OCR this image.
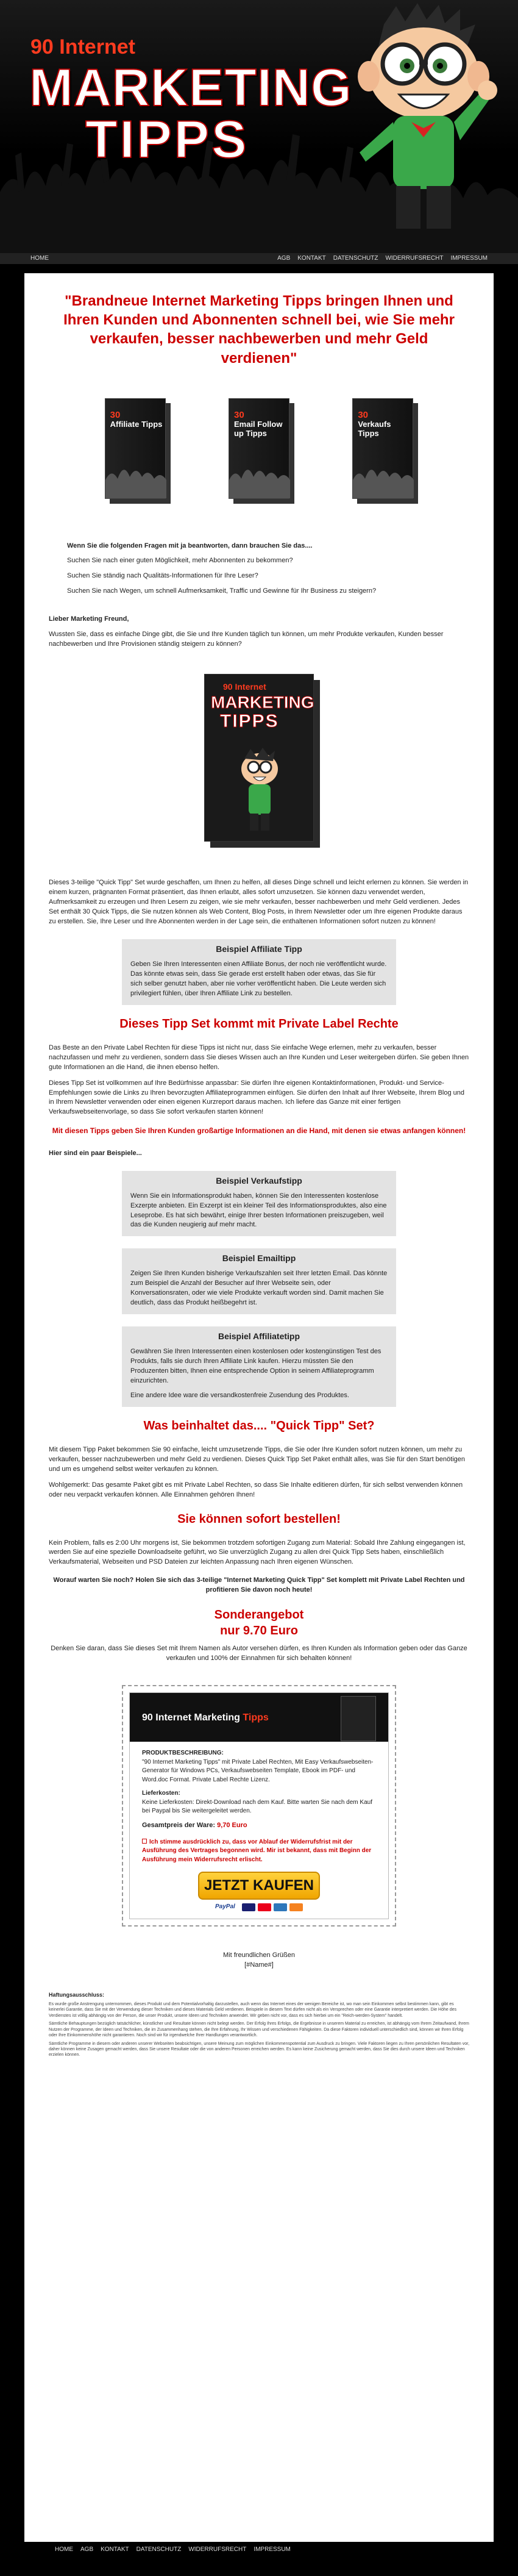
90 Internet
MARKETING
TIPPS
HOME	AGB KONTAKT DATENSCHUTZ WIDERRUFSRECHT IMPRESSUM
"Brandneue Internet Marketing Tipps bringen Ihnen und Ihren Kunden und Abonnenten schnell bei, wie Sie mehr verkaufen, besser nachbewerben und mehr Geld verdienen"
30
Affiliate Tipps
30
Email Follow up Tipps
30
Verkaufs Tipps

Wenn Sie die folgenden Fragen mit ja beantworten, dann brauchen Sie das....

Suchen Sie nach einer guten Möglichkeit, mehr Abonnenten zu bekommen?

Suchen Sie ständig nach Qualitäts-Informationen für Ihre Leser?

Suchen Sie nach Wegen, um schnell Aufmerksamkeit, Traffic und Gewinne für Ihr Business zu steigern?

Lieber Marketing Freund,

Wussten Sie, dass es einfache Dinge gibt, die Sie und Ihre Kunden täglich tun können, um mehr Produkte verkaufen, Kunden besser nachbewerben und Ihre Provisionen ständig steigern zu können?

90 Internet
MARKETING
TIPPS
Tipps

Dieses 3-teilige "Quick Tipp" Set wurde geschaffen, um Ihnen zu helfen, all dieses Dinge schnell und leicht erlernen zu können. Sie werden in einem kurzen, prägnanten Format präsentiert, das Ihnen erlaubt, alles sofort umzusetzen. Sie können dazu verwendet werden, Aufmerksamkeit zu erzeugen und Ihren Lesern zu zeigen, wie sie mehr verkaufen, besser nachbewerben und mehr Geld verdienen. Jedes Set enthält 30 Quick Tipps, die Sie nutzen können als Web Content, Blog Posts, in Ihrem Newsletter oder um Ihre eigenen Produkte daraus zu erstellen. Sie, Ihre Leser und Ihre Abonnenten werden in der Lage sein, die enthaltenen Informationen sofort nutzen zu können!

Beispiel Affiliate Tipp

Geben Sie Ihren Interessenten einen Affiliate Bonus, der noch nie veröffentlicht wurde. Das könnte etwas sein, dass Sie gerade erst erstellt haben oder etwas, das Sie für sich selber genutzt haben, aber nie vorher veröffentlicht haben. Die Leute werden sich privilegiert fühlen, über Ihren Affiliate Link zu bestellen.

Dieses Tipp Set kommt mit Private Label Rechte

Das Beste an den Private Label Rechten für diese Tipps ist nicht nur, dass Sie einfache Wege erlernen, mehr zu verkaufen, besser nachzufassen und mehr zu verdienen, sondern dass Sie dieses Wissen auch an Ihre Kunden und Leser weitergeben dürfen. Sie geben Ihnen gute Informationen an die Hand, die ihnen ebenso helfen.

Dieses Tipp Set ist vollkommen auf Ihre Bedürfnisse anpassbar: Sie dürfen Ihre eigenen Kontaktinformationen, Produkt- und Service-Empfehlungen sowie die Links zu Ihren bevorzugten Affiliateprogrammen einfügen. Sie dürfen den Inhalt auf Ihrer Webseite, Ihrem Blog und in Ihrem Newsletter verwenden oder einen eigenen Kurzreport daraus machen. Ich liefere das Ganze mit einer fertigen Verkaufswebseitenvorlage, so dass Sie sofort verkaufen starten können!

Mit diesen Tipps geben Sie Ihren Kunden großartige Informationen an die Hand, mit denen sie etwas anfangen können!

Hier sind ein paar Beispiele...

Beispiel Verkaufstipp

Wenn Sie ein Informationsprodukt haben, können Sie den Interessenten kostenlose Exzerpte anbieten. Ein Exzerpt ist ein kleiner Teil des Informationsproduktes, also eine Leseprobe. Es hat sich bewährt, einige Ihrer besten Informationen preiszugeben, weil das die Kunden neugierig auf mehr macht.

Beispiel Emailtipp

Zeigen Sie Ihren Kunden bisherige Verkaufszahlen seit Ihrer letzten Email. Das könnte zum Beispiel die Anzahl der Besucher auf Ihrer Webseite sein, oder Konversationsraten, oder wie viele Produkte verkauft worden sind. Damit machen Sie deutlich, dass das Produkt heißbegehrt ist.

Beispiel Affiliatetipp

Gewähren Sie Ihren Interessenten einen kostenlosen oder kostengünstigen Test des Produkts, falls sie durch Ihren Affiliate Link kaufen. Hierzu müssten Sie den Produzenten bitten, Ihnen eine entsprechende Option in seinem Affiliateprogramm einzurichten.

Eine andere Idee ware die versandkostenfreie Zusendung des Produktes.

Was beinhaltet das.... "Quick Tipp" Set?

Mit diesem Tipp Paket bekommen Sie 90 einfache, leicht umzusetzende Tipps, die Sie oder Ihre Kunden sofort nutzen können, um mehr zu verkaufen, besser nachzubewerben und mehr Geld zu verdienen. Dieses Quick Tipp Set Paket enthält alles, was Sie für den Start benötigen und um es umgehend selbst weiter verkaufen zu können.

Wohlgemerkt: Das gesamte Paket gibt es mit Private Label Rechten, so dass Sie Inhalte editieren dürfen, für sich selbst verwenden können oder neu verpackt verkaufen können. Alle Einnahmen gehören Ihnen!

Sie können sofort bestellen!

Kein Problem, falls es 2:00 Uhr morgens ist, Sie bekommen trotzdem sofortigen Zugang zum Material: Sobald Ihre Zahlung eingegangen ist, werden Sie auf eine spezielle Downloadseite geführt, wo Sie unverzüglich Zugang zu allen drei Quick Tipp Sets haben, einschließlich Verkaufsmaterial, Webseiten und PSD Dateien zur leichten Anpassung nach Ihren eigenen Wünschen.

Worauf warten Sie noch? Holen Sie sich das 3-teilige "Internet Marketing Quick Tipp" Set komplett mit Private Label Rechten und profitieren Sie davon noch heute!

Sonderangebot
nur 9.70 Euro

Denken Sie daran, dass Sie dieses Set mit Ihrem Namen als Autor versehen dürfen, es Ihren Kunden als Information geben oder das Ganze verkaufen und 100% der Einnahmen für sich behalten können!

90 Internet Marketing Tipps
PRODUKTBESCHREIBUNG:

"90 Internet Marketing Tipps" mit Private Label Rechten, Mit Easy Verkaufswebseiten-Generator für Windows PCs, Verkaufswebseiten Template, Ebook im PDF- und Word.doc Format. Private Label Rechte Lizenz.

Lieferkosten:

Keine Lieferkosten: Direkt-Download nach dem Kauf. Bitte warten Sie nach dem Kauf bei Paypal bis Sie weitergeleitet werden.

Gesamtpreis der Ware: 9,70 Euro

Ich stimme ausdrücklich zu, dass vor Ablauf der Widerrufsfrist mit der Ausführung des Vertrages begonnen wird. Mir ist bekannt, dass mit Beginn der Ausführung mein Widerrufsrecht erlischt.

JETZT KAUFEN
PayPal

Mit freundlichen Grüßen

[#Name#]

Haftungsausschluss:

Es wurde große Anstrengung unternommen, dieses Produkt und dem Potentialvorhaltig darzustellen, auch wenn das Internet eines der wenigen Bereiche ist, wo man sein Einkommen selbst bestimmen kann, gibt es keinerlei Garantie, dass Sie mit der Verwendung dieser Techniken und dieses Materials Geld verdienen. Beispiele in diesem Text dürfen nicht als ein Versprechen oder eine Garantie interpretiert werden. Die Höhe des Verdienstes ist völlig abhängig von der Person, die unser Produkt, unsere Ideen und Techniken anwendet. Wir geben nicht vor, dass es sich hierbei um ein "Reich-werden-System" handelt.

Sämtliche Behauptungen bezüglich tatsächlicher, künstlicher und Resultate können nicht belegt werden. Der Erfolg Ihres Erfolgs, die Ergebnisse in unserem Material zu erreichen, ist abhängig vom Ihrem Zeitaufwand, Ihrem Nutzen der Programme, der Ideen und Techniken, die im Zusammenhang stehen, die Ihre Erfahrung, Ihr Wissen und verschiedenen Fähigkeiten. Da diese Faktoren individuell unterschiedlich sind, können wir Ihren Erfolg oder Ihre Einkommenshöhe nicht garantieren. Noch sind wir für irgendwelche Ihrer Handlungen verantwortlich.

Sämtliche Programme in diesem oder anderen unserer Webseiten beabsichtigen, unsere Meinung zum möglichen Einkommenspotential zum Ausdruck zu bringen. Viele Faktoren liegen zu Ihren persönlichen Resultaten vor, daher können keine Zusagen gemacht werden, dass Sie unsere Resultate oder die von anderen Personen erreichen werden. Es kann keine Zusicherung gemacht werden, dass Sie dies durch unsere Ideen und Techniken erzielen können.

HOME AGB KONTAKT DATENSCHUTZ WIDERRUFSRECHT IMPRESSUM
